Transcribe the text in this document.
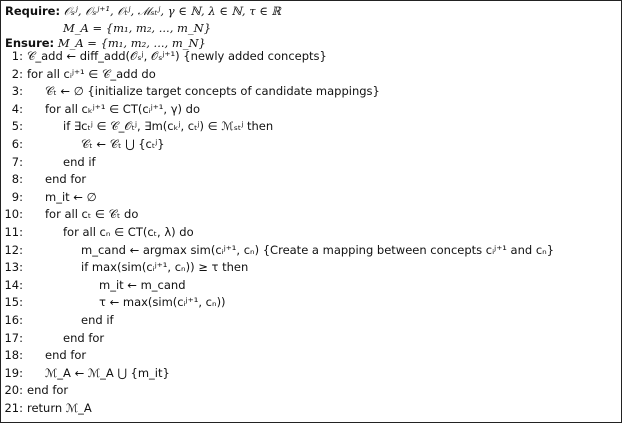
Require: 𝒪ₛʲ, 𝒪ₛʲ⁺¹, 𝒪ₜʲ, ℳₛₜʲ, γ ∈ ℕ, λ ∈ ℕ, τ ∈ ℝ
M_A = {m₁, m₂, ..., m_N}
Ensure: M_A = {m₁, m₂, ..., m_N}
1: 𝒞_add ← diff_add(𝒪ₛʲ, 𝒪ₛʲ⁺¹) {newly added concepts}
2: for all cᵢʲ⁺¹ ∈ 𝒞_add do
3: 𝒞ₜ ← ∅ {initialize target concepts of candidate mappings}
4: for all cₖʲ⁺¹ ∈ CT(cᵢʲ⁺¹, γ) do
5:	if ∃cₜʲ ∈ 𝒞_𝒪ₜʲ, ∃m(cₖʲ, cₜʲ) ∈ ℳₛₜʲ then
6:	𝒞ₜ ← 𝒞ₜ ⋃ {cₜʲ}
7:	end if
8: end for
9: m_it ← ∅
10: for all cₜ ∈ 𝒞ₜ do
11:	for all cₙ ∈ CT(cₜ, λ) do
12:	m_cand ← argmax sim(cᵢʲ⁺¹, cₙ) {Create a mapping between concepts cᵢʲ⁺¹ and cₙ}
13:	if max(sim(cᵢʲ⁺¹, cₙ)) ≥ τ then
14:	m_it ← m_cand
15:	τ ← max(sim(cᵢʲ⁺¹, cₙ))
16:	end if
17:	end for
18: end for
19: ℳ_A ← ℳ_A ⋃ {m_it}
20: end for
21: return ℳ_A
